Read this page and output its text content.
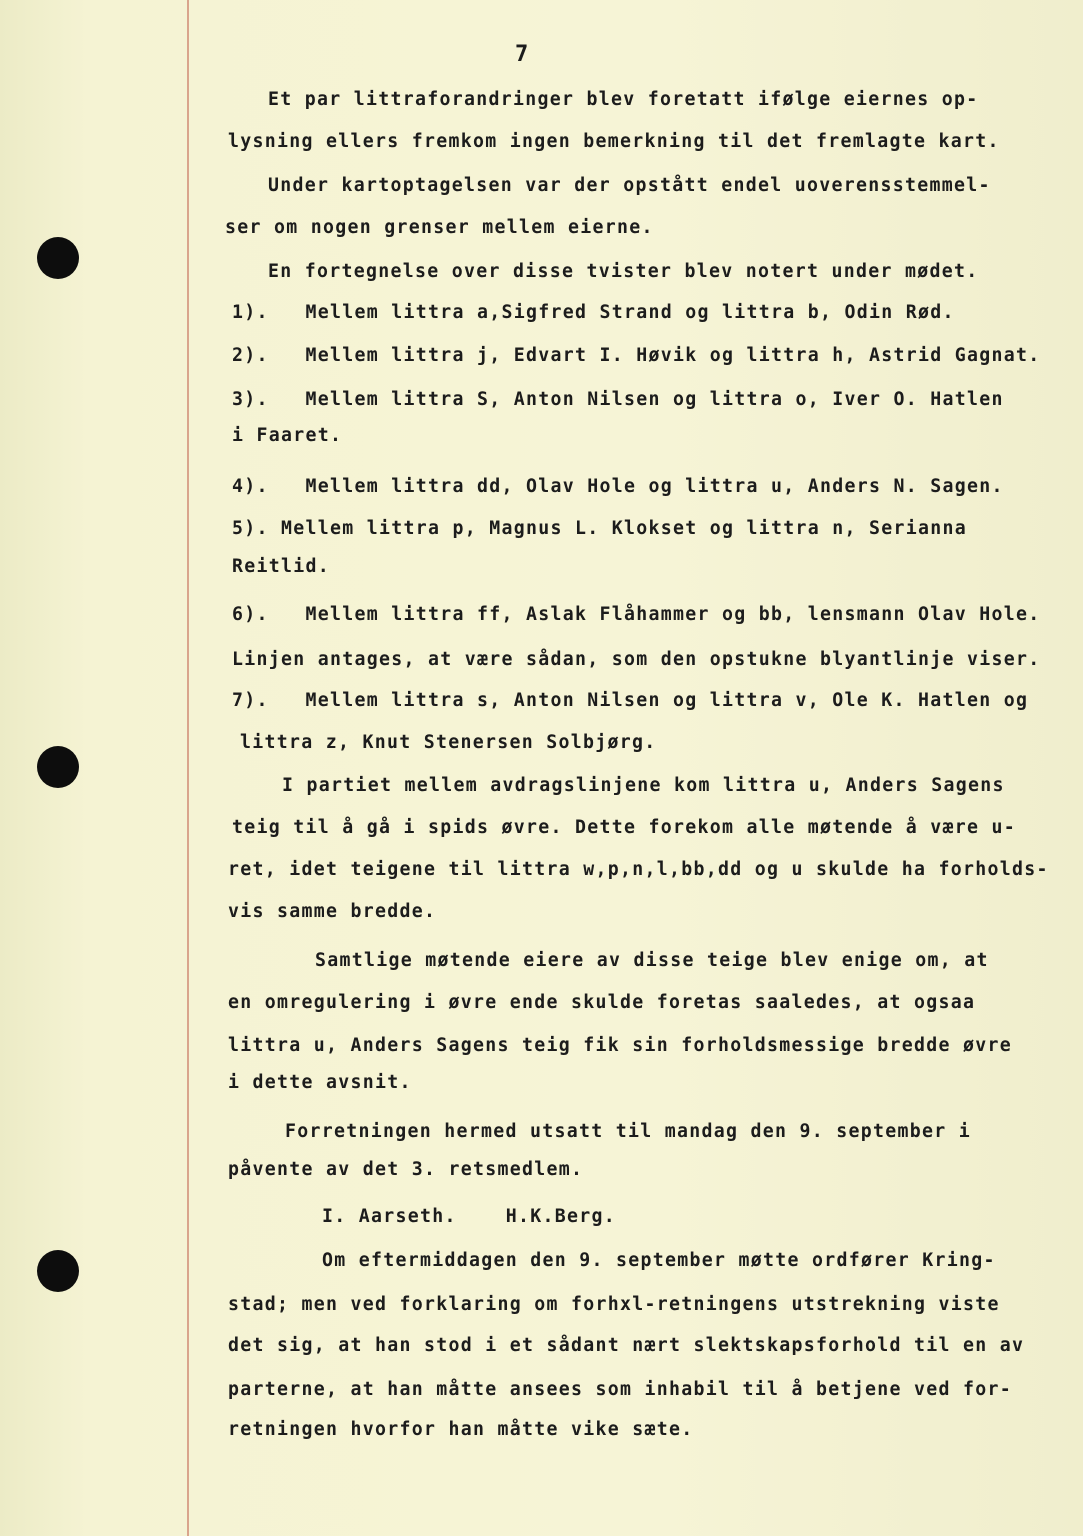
7
Et par littraforandringer blev foretatt ifølge eiernes op-
lysning ellers fremkom ingen bemerkning til det fremlagte kart.
Under kartoptagelsen var der opstått endel uoverensstemmel-
ser om nogen grenser mellem eierne.
En fortegnelse over disse tvister blev notert under mødet.
1).   Mellem littra a,Sigfred Strand og littra b, Odin Rød.
2).   Mellem littra j, Edvart I. Høvik og littra h, Astrid Gagnat.
3).   Mellem littra S, Anton Nilsen og littra o, Iver O. Hatlen
i Faaret.
4).   Mellem littra dd, Olav Hole og littra u, Anders N. Sagen.
5). Mellem littra p, Magnus L. Klokset og littra n, Serianna
Reitlid.
6).   Mellem littra ff, Aslak Flåhammer og bb, lensmann Olav Hole.
Linjen antages, at være sådan, som den opstukne blyantlinje viser.
7).   Mellem littra s, Anton Nilsen og littra v, Ole K. Hatlen og
littra z, Knut Stenersen Solbjørg.
I partiet mellem avdragslinjene kom littra u, Anders Sagens
teig til å gå i spids øvre. Dette forekom alle møtende å være u-
ret, idet teigene til littra w,p,n,l,bb,dd og u skulde ha forholds-
vis samme bredde.
Samtlige møtende eiere av disse teige blev enige om, at
en omregulering i øvre ende skulde foretas saaledes, at ogsaa
littra u, Anders Sagens teig fik sin forholdsmessige bredde øvre
i dette avsnit.
Forretningen hermed utsatt til mandag den 9. september i
påvente av det 3. retsmedlem.
I. Aarseth.    H.K.Berg.
Om eftermiddagen den 9. september møtte ordfører Kring-
stad; men ved forklaring om forhxl-retningens utstrekning viste
det sig, at han stod i et sådant nært slektskapsforhold til en av
parterne, at han måtte ansees som inhabil til å betjene ved for-
retningen hvorfor han måtte vike sæte.
